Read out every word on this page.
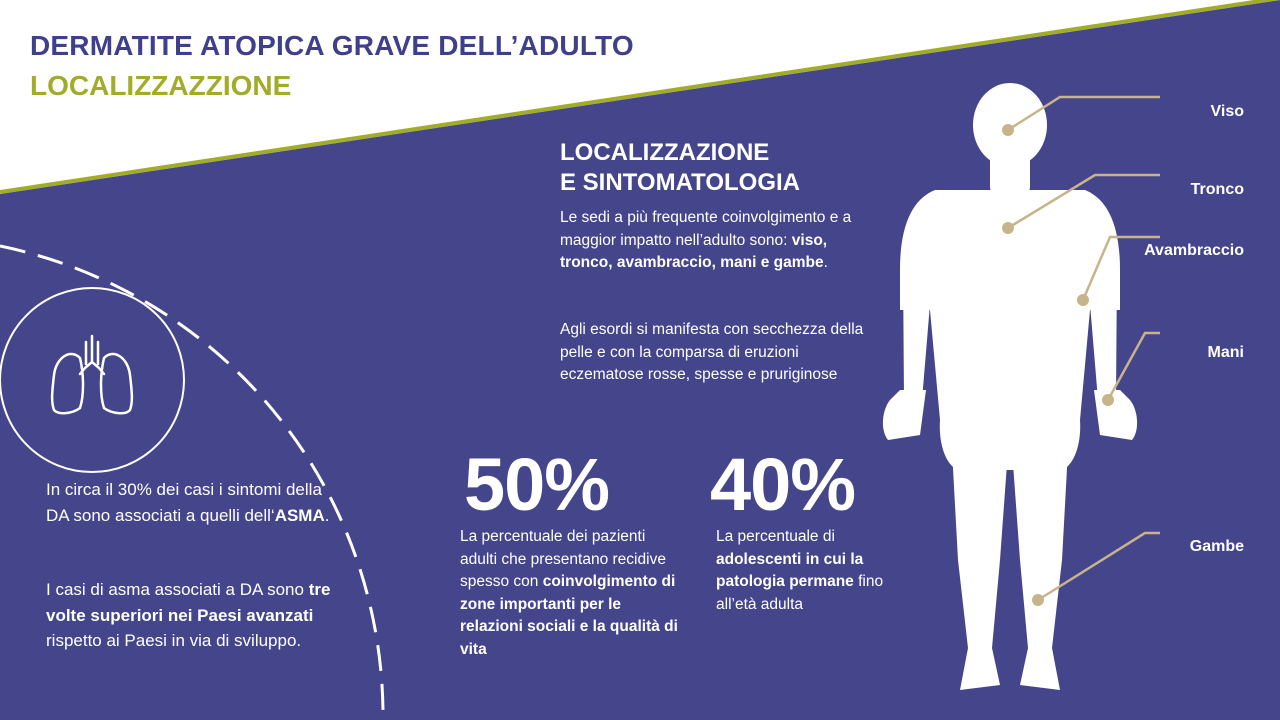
DERMATITE ATOPICA GRAVE DELL’ADULTO
LOCALIZZAZZIONE
LOCALIZZAZIONE
E SINTOMATOLOGIA
Le sedi a più frequente coinvolgimento e a maggior impatto nell’adulto sono: viso, tronco, avambraccio, mani e gambe.
Agli esordi si manifesta con secchezza della pelle e con la comparsa di eruzioni eczematose rosse, spesse e pruriginose
50% 40%
La percentuale dei pazienti adulti che presentano recidive spesso con coinvolgimento di zone importanti per le relazioni sociali e la qualità di vita
La percentuale di adolescenti in cui la patologia permane fino all’età adulta
In circa il 30% dei casi i sintomi della DA sono associati a quelli dell‘ASMA.
I casi di asma associati a DA sono tre volte superiori nei Paesi avanzati rispetto ai Paesi in via di sviluppo.
Viso
Tronco
Avambraccio
Mani
Gambe
